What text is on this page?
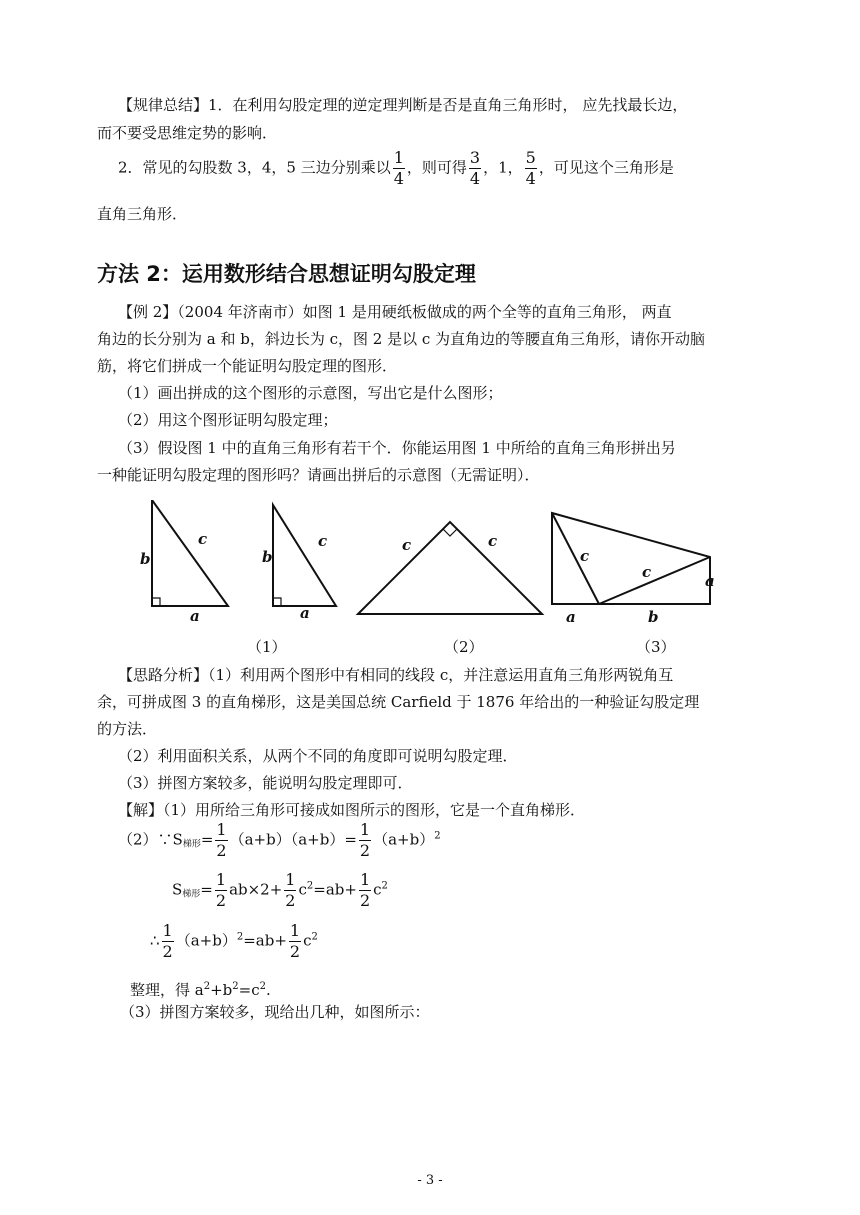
【规律总结】1．在利用勾股定理的逆定理判断是否是直角三角形时， 应先找最长边，
而不要受思维定势的影响．
2．常见的勾股数 3，4，5 三边分别乘以 $\frac{1}{4}$ ，则可得 $\frac{3}{4}$ ，1， $\frac{5}{4}$ ，可见这个三角形是
直角三角形．
方法 2：运用数形结合思想证明勾股定理
【例 2】（2004 年济南市）如图 1 是用硬纸板做成的两个全等的直角三角形， 两直
角边的长分别为 a 和 b，斜边长为 c，图 2 是以 c 为直角边的等腰直角三角形，请你开动脑
筋，将它们拼成一个能证明勾股定理的图形．
（1）画出拼成的这个图形的示意图，写出它是什么图形；
（2）用这个图形证明勾股定理；
（3）假设图 1 中的直角三角形有若干个．你能运用图 1 中所给的直角三角形拼出另
一种能证明勾股定理的图形吗？请画出拼后的示意图（无需证明）．
b
c
a
b
c
a
c	c
c
c	a
a	b
（1）	（2）	（3）
【思路分析】（1）利用两个图形中有相同的线段 c，并注意运用直角三角形两锐角互
余，可拼成图 3 的直角梯形，这是美国总统 Carfield 于 1876 年给出的一种验证勾股定理
的方法．
（2）利用面积关系，从两个不同的角度即可说明勾股定理．
（3）拼图方案较多，能说明勾股定理即可．
【解】（1）用所给三角形可接成如图所示的图形，它是一个直角梯形．
$(2)\because S_{梯形}= \frac{1}{2} (a+b)(a+b)= \frac{1}{2} (a+b)^2$
$S_{梯形}= \frac{1}{2} ab\times 2+ \frac{1}{2} c^2=ab+ \frac{1}{2} c^2$
∴ $\frac{1}{2} (a+b)^2=ab+ \frac{1}{2} c^2$
整理，得 $a^2+b^2=c^2$.
（3）拼图方案较多，现给出几种，如图所示：
- 3 -
